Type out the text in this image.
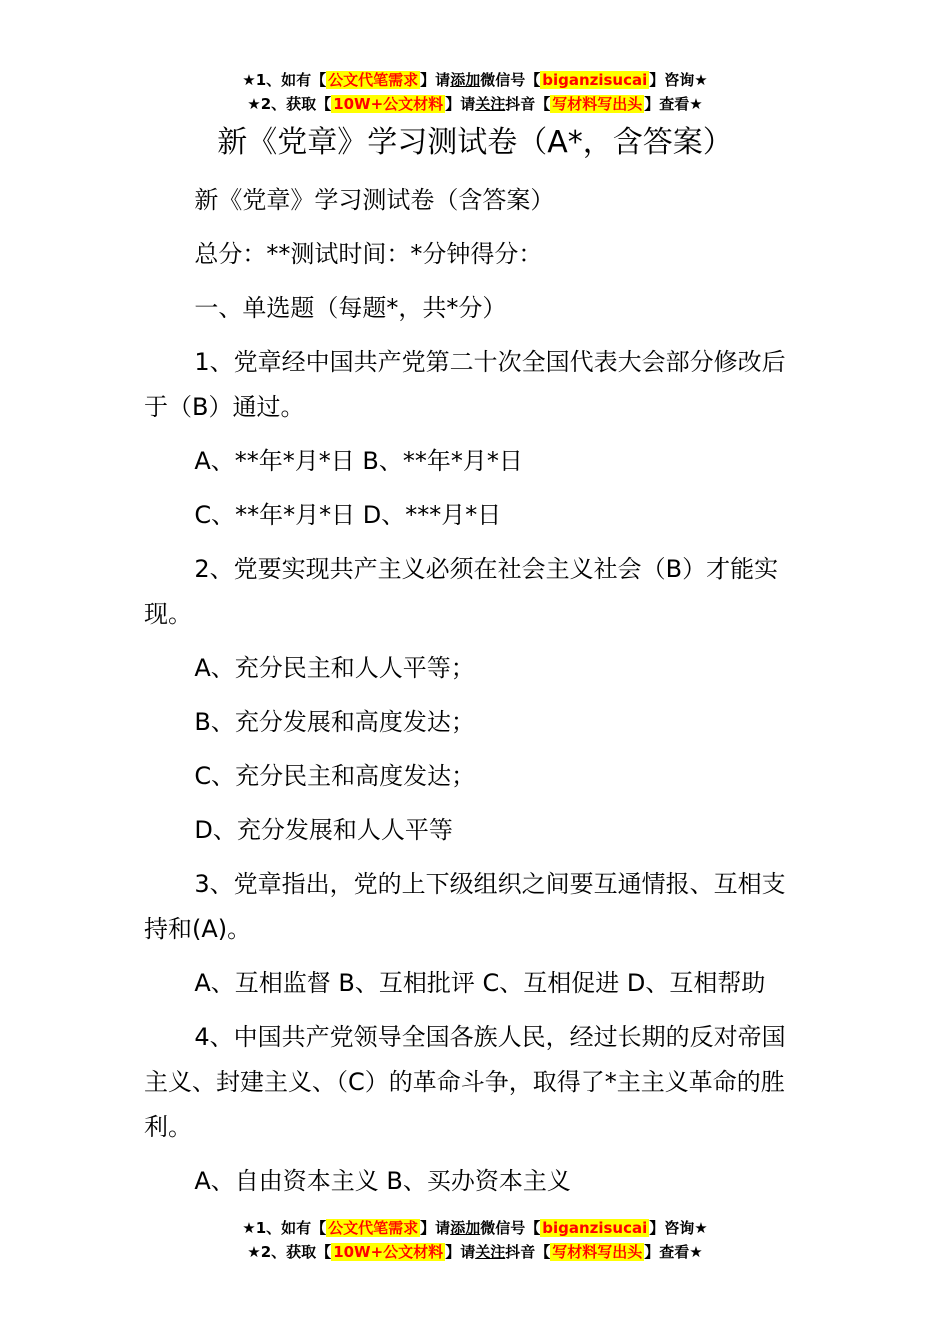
★1、如有【 公文代笔需求 】请添加微信号【 biganzisucai 】咨询★
★2、获取【 10W+公文材料 】请关注抖音【 写材料写出头 】查看★
新《党章》学习测试卷（A*，含答案）

新《党章》学习测试卷（含答案）

总分：**测试时间：*分钟得分：

一、单选题（每题*，共*分）

1、党章经中国共产党第二十次全国代表大会部分修改后于（B）通过。

A、**年*月*日 B、**年*月*日

C、**年*月*日 D、***月*日

2、党要实现共产主义必须在社会主义社会（B）才能实现。

A、充分民主和人人平等；

B、充分发展和高度发达；

C、充分民主和高度发达；

D、充分发展和人人平等

3、党章指出，党的上下级组织之间要互通情报、互相支持和(A)。

A、互相监督 B、互相批评 C、互相促进 D、互相帮助

4、中国共产党领导全国各族人民，经过长期的反对帝国主义、封建主义、（C）的革命斗争，取得了*主主义革命的胜利。

A、自由资本主义 B、买办资本主义

★1、如有【 公文代笔需求 】请添加微信号【 biganzisucai 】咨询★
★2、获取【 10W+公文材料 】请关注抖音【 写材料写出头 】查看★
